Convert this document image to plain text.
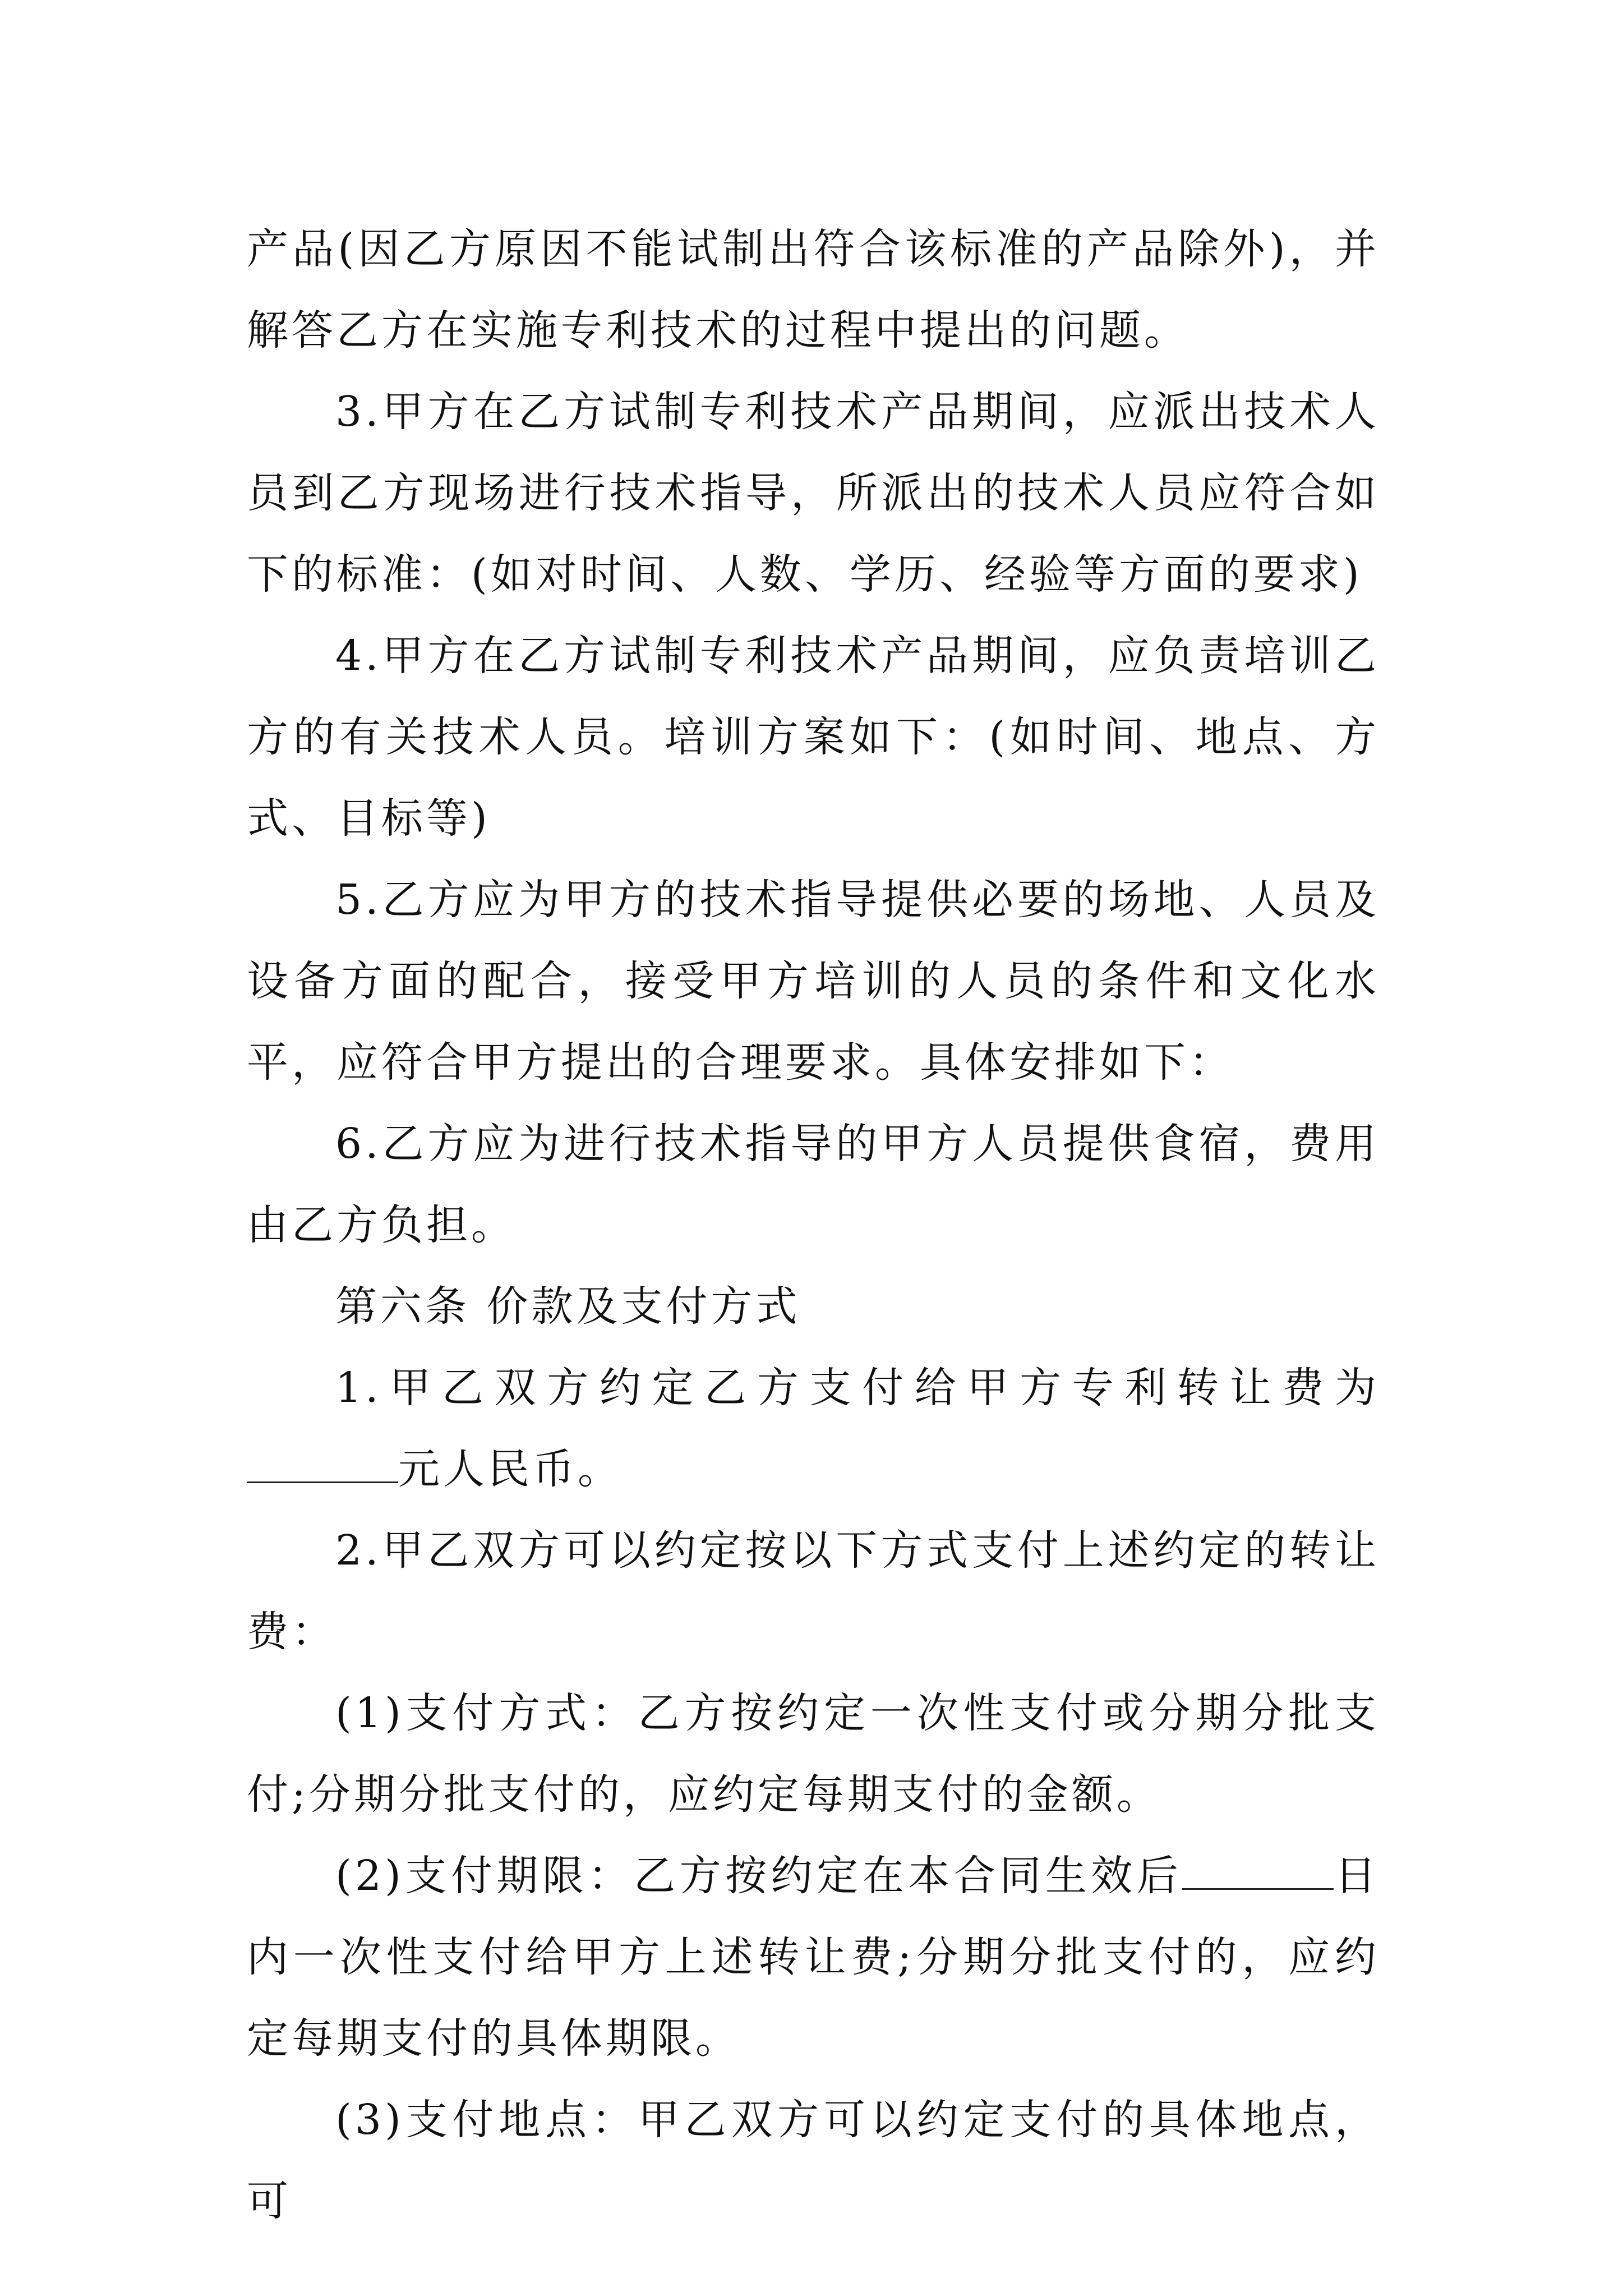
产品(因乙方原因不能试制出符合该标准的产品除外)，并解答乙方在实施专利技术的过程中提出的问题。

3.甲方在乙方试制专利技术产品期间，应派出技术人员到乙方现场进行技术指导，所派出的技术人员应符合如下的标准：(如对时间、人数、学历、经验等方面的要求)

4.甲方在乙方试制专利技术产品期间，应负责培训乙方的有关技术人员。培训方案如下：(如时间、地点、方式、目标等)

5.乙方应为甲方的技术指导提供必要的场地、人员及设备方面的配合，接受甲方培训的人员的条件和文化水平，应符合甲方提出的合理要求。具体安排如下：

6.乙方应为进行技术指导的甲方人员提供食宿，费用由乙方负担。

第六条 价款及支付方式

1.甲乙双方约定乙方支付给甲方专利转让费为元人民币。

2.甲乙双方可以约定按以下方式支付上述约定的转让费：

(1)支付方式：乙方按约定一次性支付或分期分批支付;分期分批支付的，应约定每期支付的金额。

(2)支付期限：乙方按约定在本合同生效后	日内一次性支付给甲方上述转让费;分期分批支付的，应约定每期支付的具体期限。

(3)支付地点：甲乙双方可以约定支付的具体地点，可
